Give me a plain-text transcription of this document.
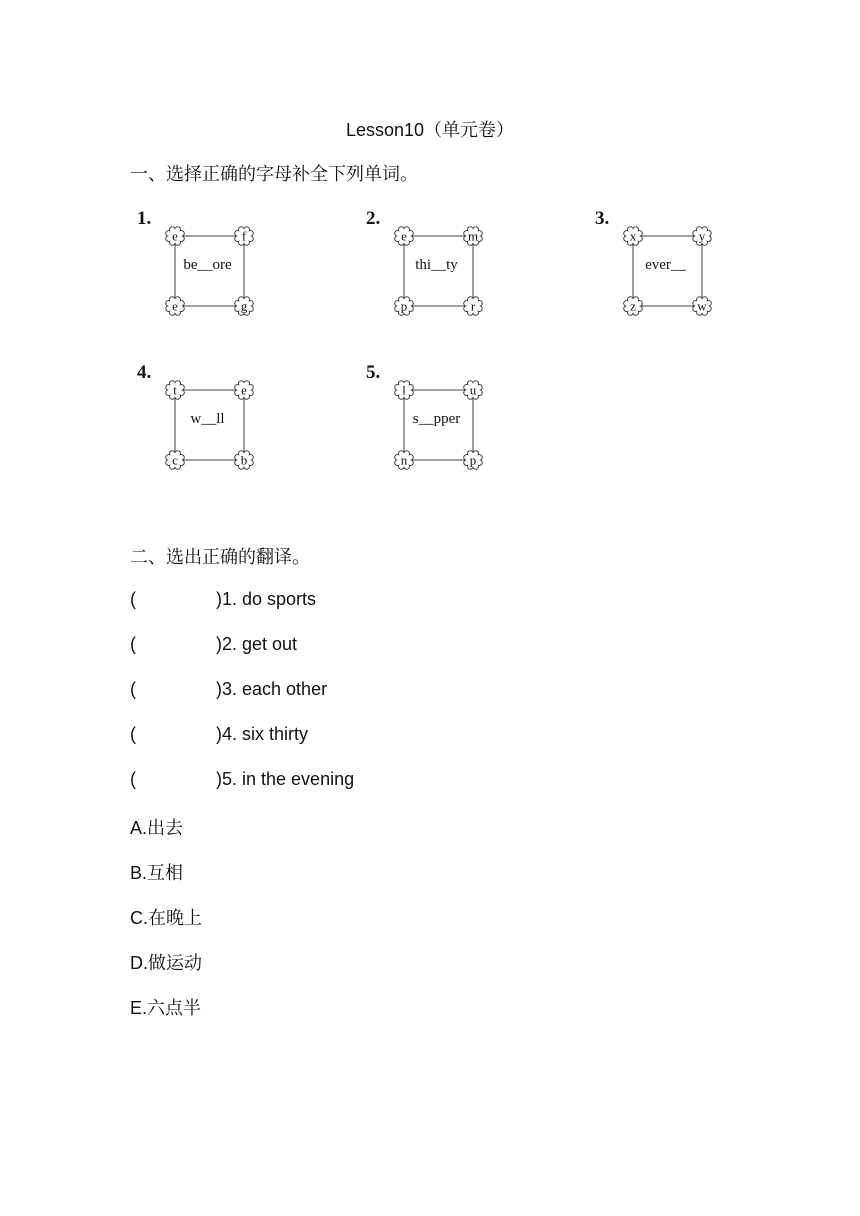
Lesson10（单元卷）
一、选择正确的字母补全下列单词。
1.
e	f
e	g
be__ore
2.
e	m
p	r
thi__ty
3.
x	y
z	w
ever__
4.
t	e
c	b
w__ll
5.
l	u
n	p
s__pper
二、选出正确的翻译。
(	)1. do sports
(	)2. get out
(	)3. each other
(	)4. six thirty
(	)5. in the evening
A.出去
B.互相
C.在晚上
D.做运动
E.六点半
